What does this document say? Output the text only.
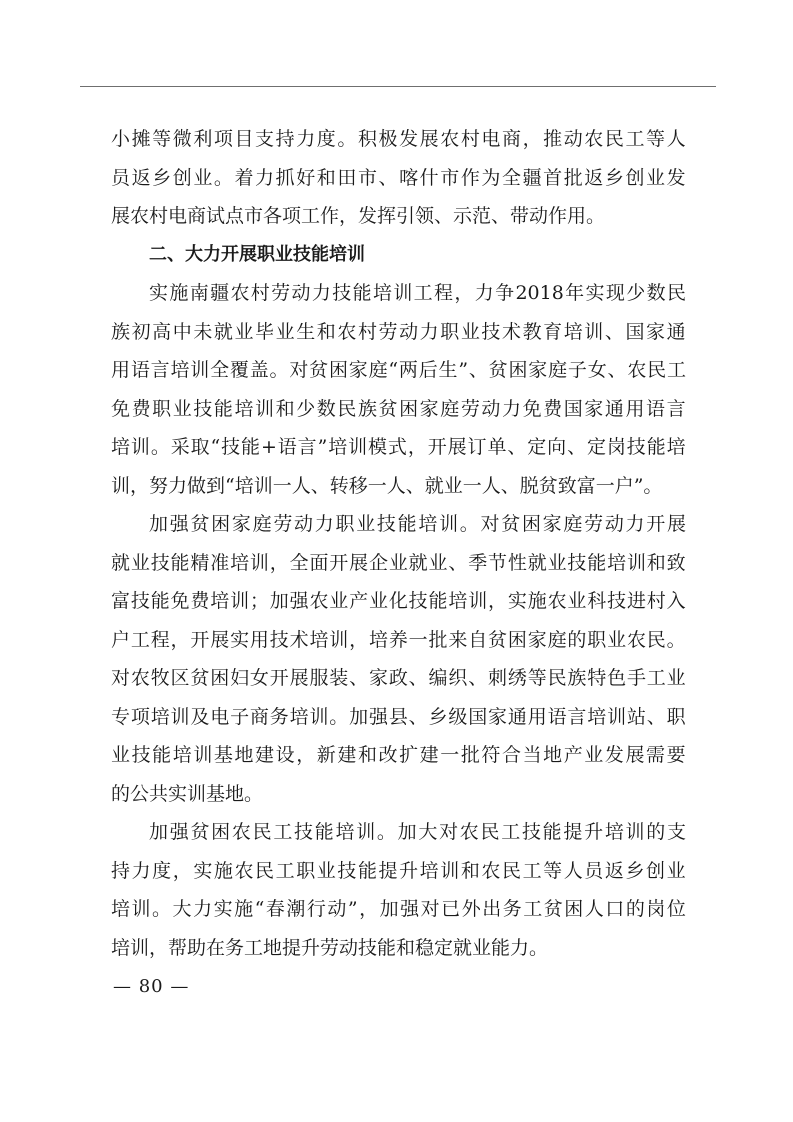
小 摊 等 微 利 项 目 支 持 力 度 。 积 极 发 展 农 村 电 商 ， 推 动 农 民 工 等 人
员 返 乡 创 业 。 着 力 抓 好 和 田 市 、 喀 什 市 作 为 全 疆 首 批 返 乡 创 业 发
展农村电商试点市各项工作，发挥引领、示范、带动作用。
二、大力开展职业技能培训
实 施 南 疆 农 村 劳 动 力 技 能 培 训 工 程 ， 力 争 2018 年 实 现 少 数 民
族 初 高 中 未 就 业 毕 业 生 和 农 村 劳 动 力 职 业 技 术 教 育 培 训 、 国 家 通
用 语 言 培 训 全 覆 盖 。 对 贫 困 家 庭 “ 两 后 生 ” 、 贫 困 家 庭 子 女 、 农 民 工
免 费 职 业 技 能 培 训 和 少 数 民 族 贫 困 家 庭 劳 动 力 免 费 国 家 通 用 语 言
培 训 。 采 取 “ 技 能 + 语 言 ” 培 训 模 式 ， 开 展 订 单 、 定 向 、 定 岗 技 能 培
训，努力做到“培训一人、转移一人、就业一人、脱贫致富一户”。
加 强 贫 困 家 庭 劳 动 力 职 业 技 能 培 训 。 对 贫 困 家 庭 劳 动 力 开 展
就 业 技 能 精 准 培 训 ， 全 面 开 展 企 业 就 业 、 季 节 性 就 业 技 能 培 训 和 致
富 技 能 免 费 培 训 ； 加 强 农 业 产 业 化 技 能 培 训 ， 实 施 农 业 科 技 进 村 入
户 工 程 ， 开 展 实 用 技 术 培 训 ， 培 养 一 批 来 自 贫 困 家 庭 的 职 业 农 民 。
对 农 牧 区 贫 困 妇 女 开 展 服 装 、 家 政 、 编 织 、 刺 绣 等 民 族 特 色 手 工 业
专 项 培 训 及 电 子 商 务 培 训 。 加 强 县 、 乡 级 国 家 通 用 语 言 培 训 站 、 职
业 技 能 培 训 基 地 建 设 ， 新 建 和 改 扩 建 一 批 符 合 当 地 产 业 发 展 需 要
的公共实训基地。
加 强 贫 困 农 民 工 技 能 培 训 。 加 大 对 农 民 工 技 能 提 升 培 训 的 支
持 力 度 ， 实 施 农 民 工 职 业 技 能 提 升 培 训 和 农 民 工 等 人 员 返 乡 创 业
培 训 。 大 力 实 施 “ 春 潮 行 动 ” ， 加 强 对 已 外 出 务 工 贫 困 人 口 的 岗 位
培训，帮助在务工地提升劳动技能和稳定就业能力。
— 80 —
